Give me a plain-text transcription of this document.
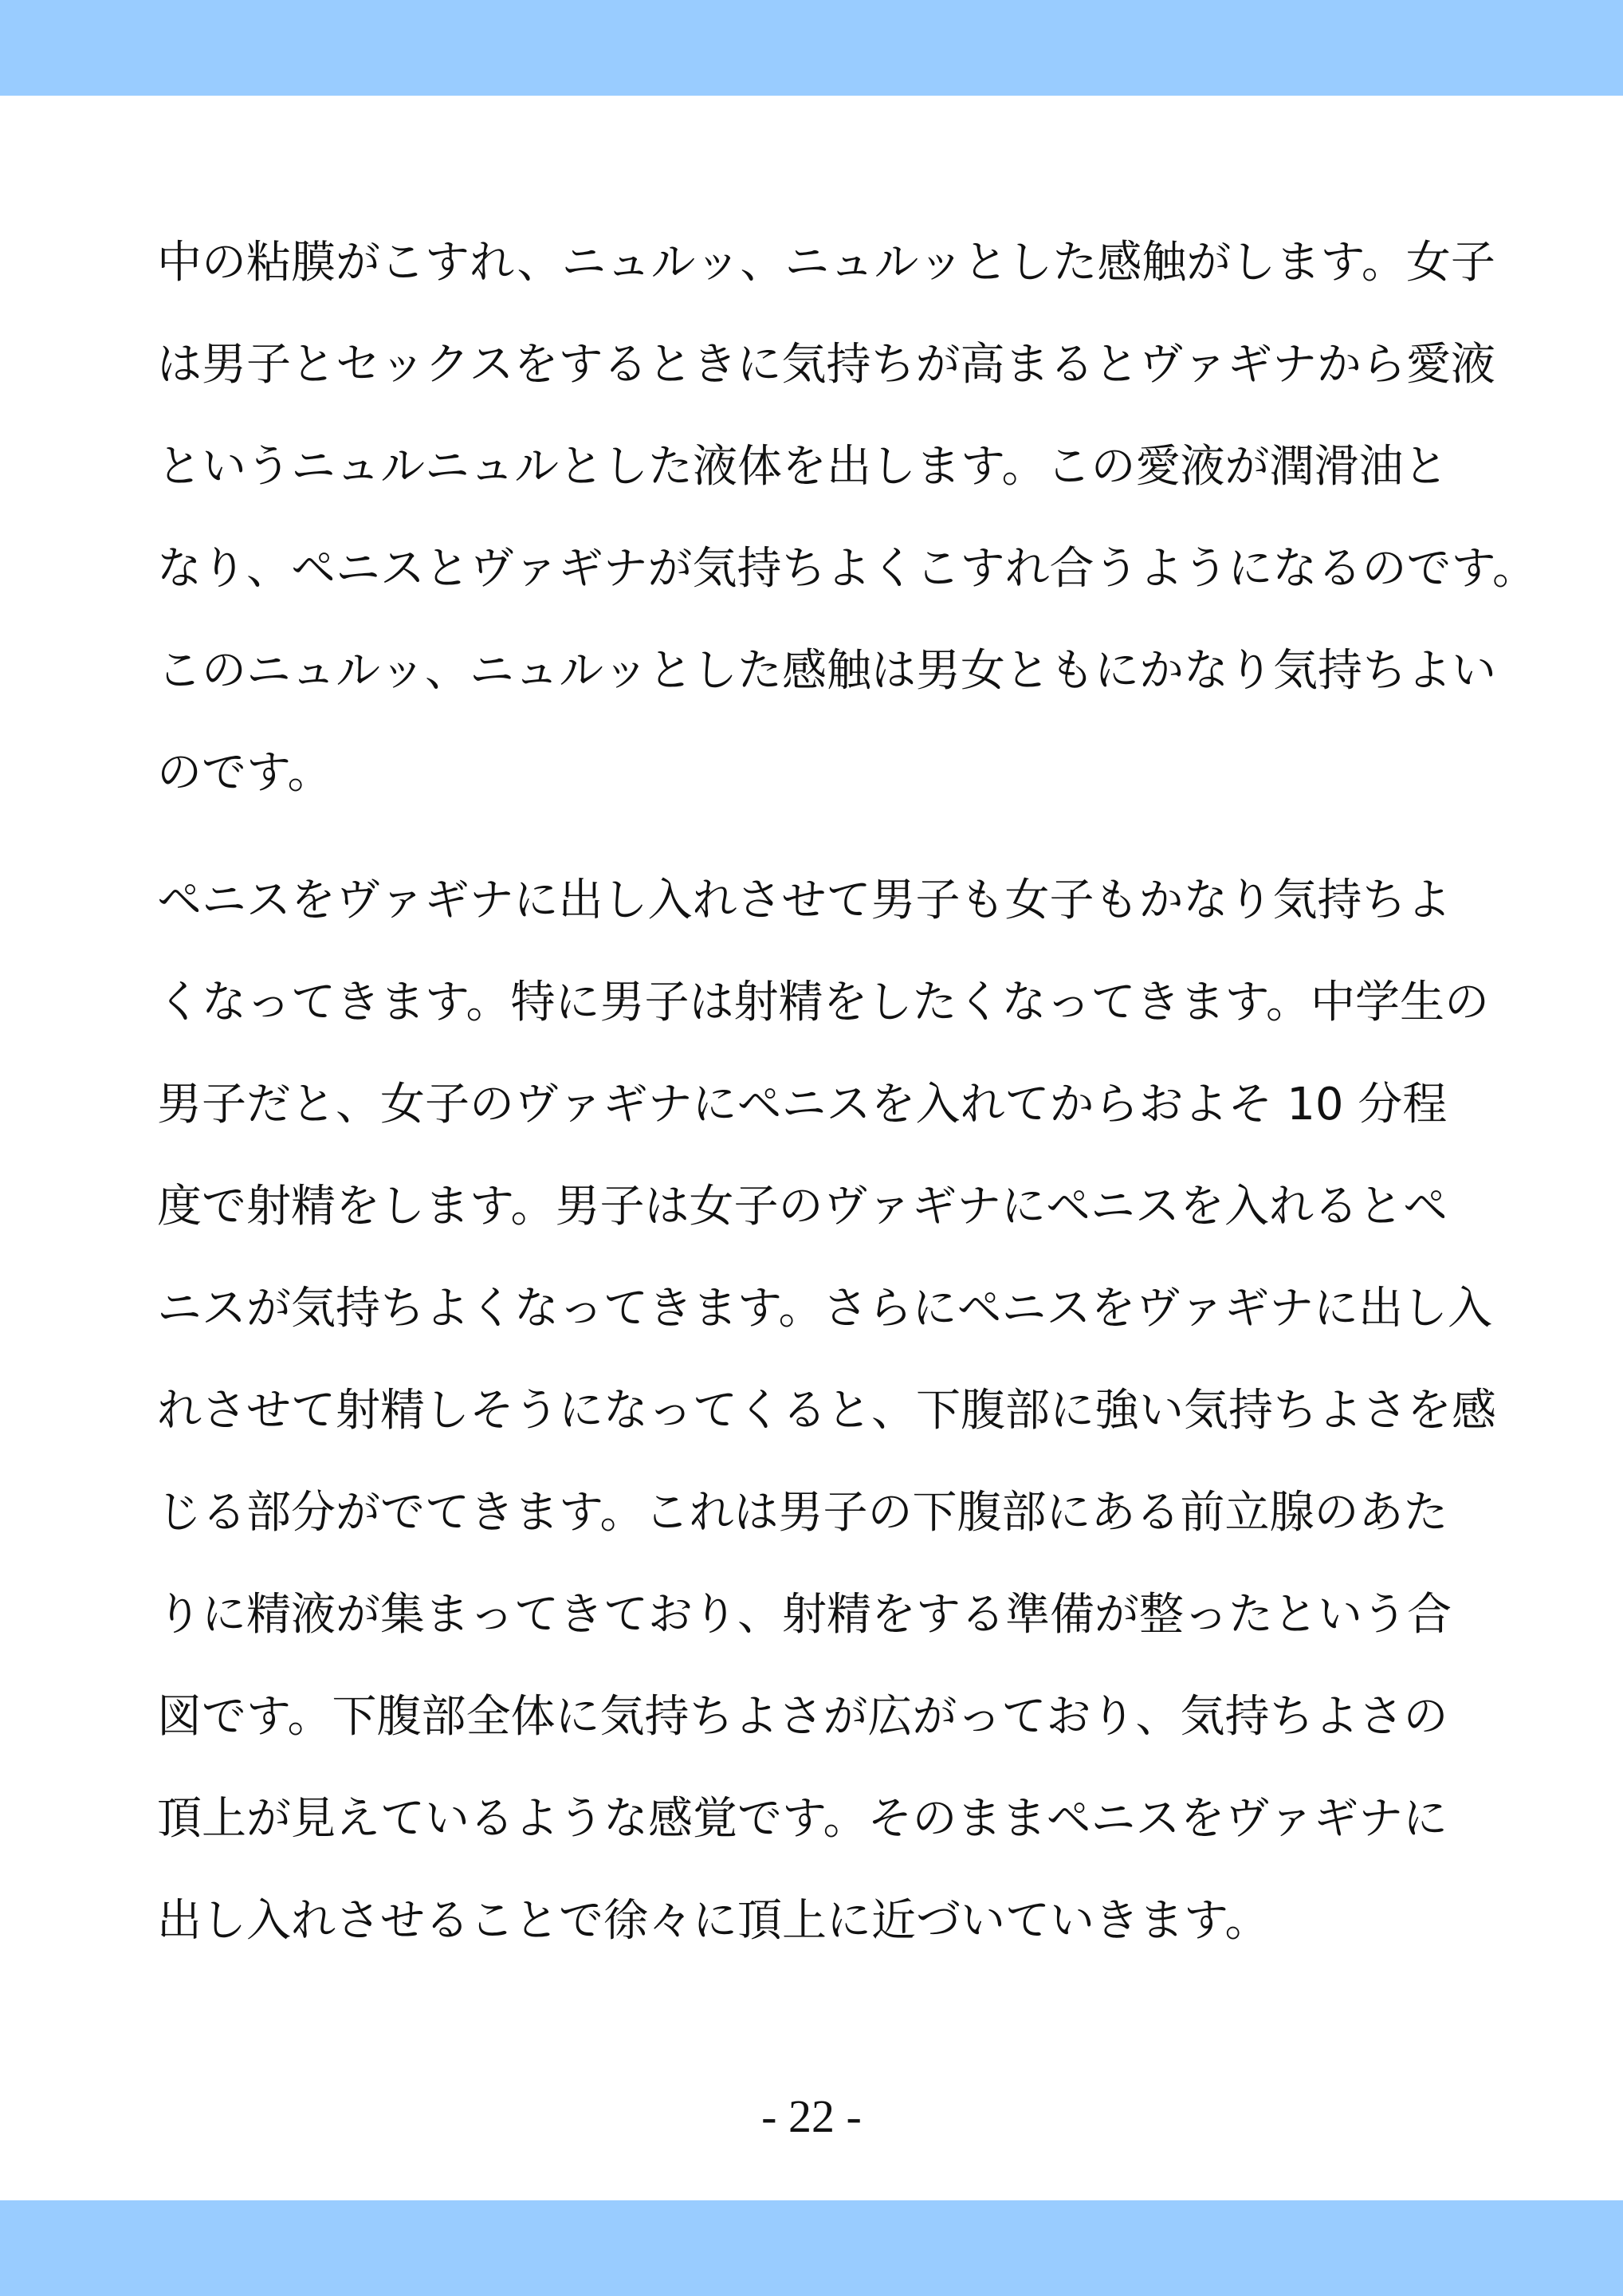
中の粘膜がこすれ、ニュルッ、ニュルッとした感触がします。女子
は男子とセックスをするときに気持ちが高まるとヴァギナから愛液
というニュルニュルとした液体を出します。この愛液が潤滑油と
なり、ペニスとヴァギナが気持ちよくこすれ合うようになるのです。
このニュルッ、ニュルッとした感触は男女ともにかなり気持ちよい
のです。
ペニスをヴァギナに出し入れさせて男子も女子もかなり気持ちよ
くなってきます。特に男子は射精をしたくなってきます。中学生の
男子だと、女子のヴァギナにペニスを入れてからおよそ 10 分程
度で射精をします。男子は女子のヴァギナにペニスを入れるとペ
ニスが気持ちよくなってきます。さらにペニスをヴァギナに出し入
れさせて射精しそうになってくると、下腹部に強い気持ちよさを感
じる部分がでてきます。これは男子の下腹部にある前立腺のあた
りに精液が集まってきており、射精をする準備が整ったという合
図です。下腹部全体に気持ちよさが広がっており、気持ちよさの
頂上が見えているような感覚です。そのままペニスをヴァギナに
出し入れさせることで徐々に頂上に近づいていきます。
- 22 -
